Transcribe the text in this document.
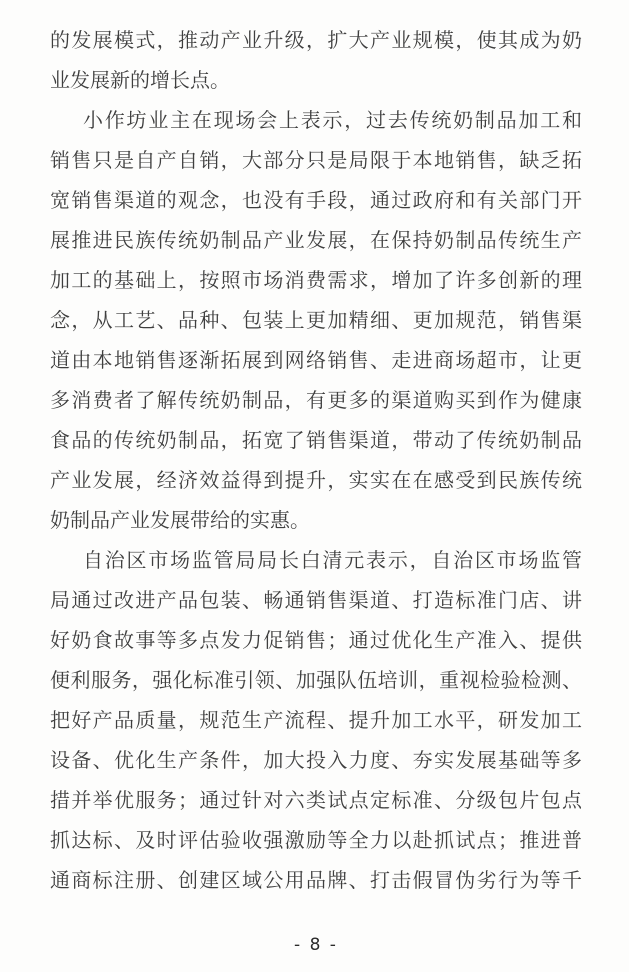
的发展模式，推动产业升级，扩大产业规模，使其成为奶
业发展新的增长点。
小作坊业主在现场会上表示，过去传统奶制品加工和
销售只是自产自销，大部分只是局限于本地销售，缺乏拓
宽销售渠道的观念，也没有手段，通过政府和有关部门开
展推进民族传统奶制品产业发展，在保持奶制品传统生产
加工的基础上，按照市场消费需求，增加了许多创新的理
念，从工艺、品种、包装上更加精细、更加规范，销售渠
道由本地销售逐渐拓展到网络销售、走进商场超市，让更
多消费者了解传统奶制品，有更多的渠道购买到作为健康
食品的传统奶制品，拓宽了销售渠道，带动了传统奶制品
产业发展，经济效益得到提升，实实在在感受到民族传统
奶制品产业发展带给的实惠。
自治区市场监管局局长白清元表示，自治区市场监管
局通过改进产品包装、畅通销售渠道、打造标准门店、讲
好奶食故事等多点发力促销售；通过优化生产准入、提供
便利服务，强化标准引领、加强队伍培训，重视检验检测、
把好产品质量，规范生产流程、提升加工水平，研发加工
设备、优化生产条件，加大投入力度、夯实发展基础等多
措并举优服务；通过针对六类试点定标准、分级包片包点
抓达标、及时评估验收强激励等全力以赴抓试点；推进普
通商标注册、创建区域公用品牌、打击假冒伪劣行为等千
- 8 -
